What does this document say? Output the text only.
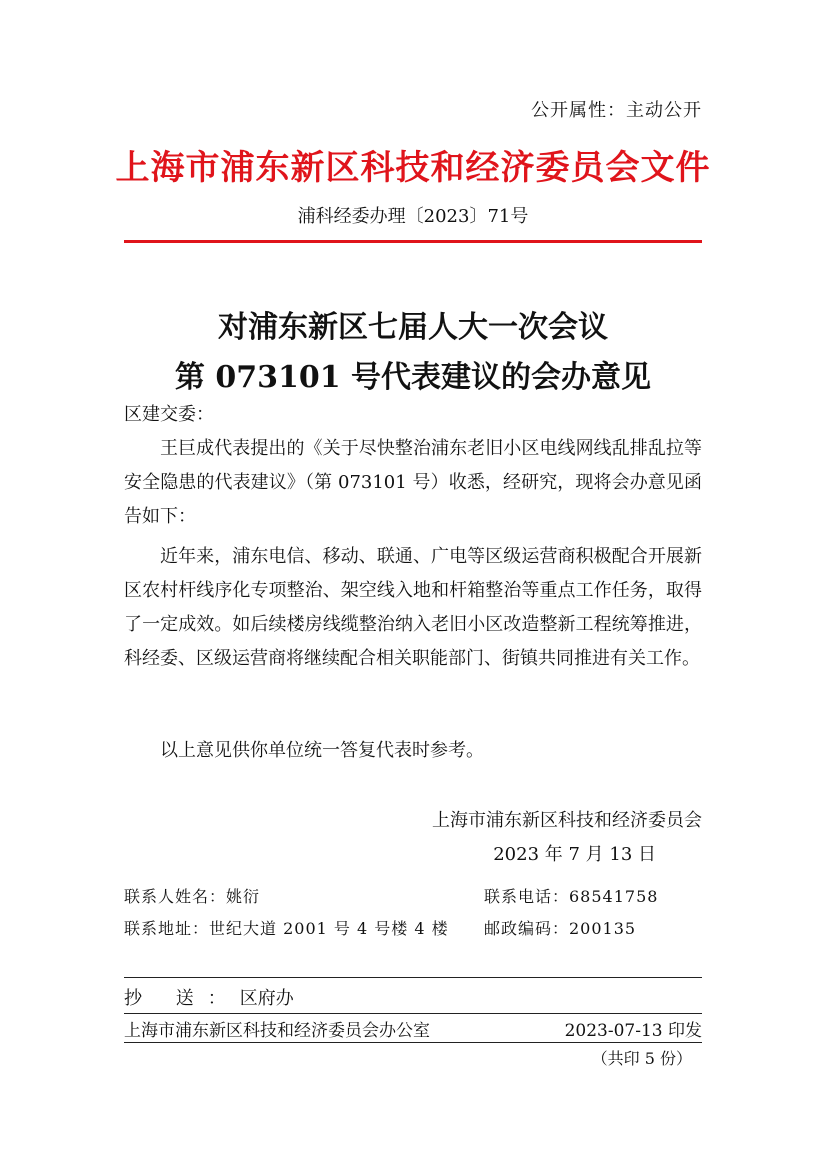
公开属性：主动公开
上海市浦东新区科技和经济委员会文件
浦科经委办理〔2023〕71号
对浦东新区七届人大一次会议
第 073101 号代表建议的会办意见
区建交委：

王巨成代表提出的《关于尽快整治浦东老旧小区电线网线乱排乱拉等安全隐患的代表建议》（第 073101 号）收悉，经研究，现将会办意见函告如下：

近年来，浦东电信、移动、联通、广电等区级运营商积极配合开展新区农村杆线序化专项整治、架空线入地和杆箱整治等重点工作任务，取得了一定成效。如后续楼房线缆整治纳入老旧小区改造整新工程统筹推进，科经委、区级运营商将继续配合相关职能部门、街镇共同推进有关工作。

以上意见供你单位统一答复代表时参考。

上海市浦东新区科技和经济委员会
2023 年 7 月 13 日
联系人姓名：姚衍	联系电话：68541758
联系地址：世纪大道 2001 号 4 号楼 4 楼 邮政编码：200135
抄 送：区府办
上海市浦东新区科技和经济委员会办公室	2023-07-13 印发
（共印 5 份）
